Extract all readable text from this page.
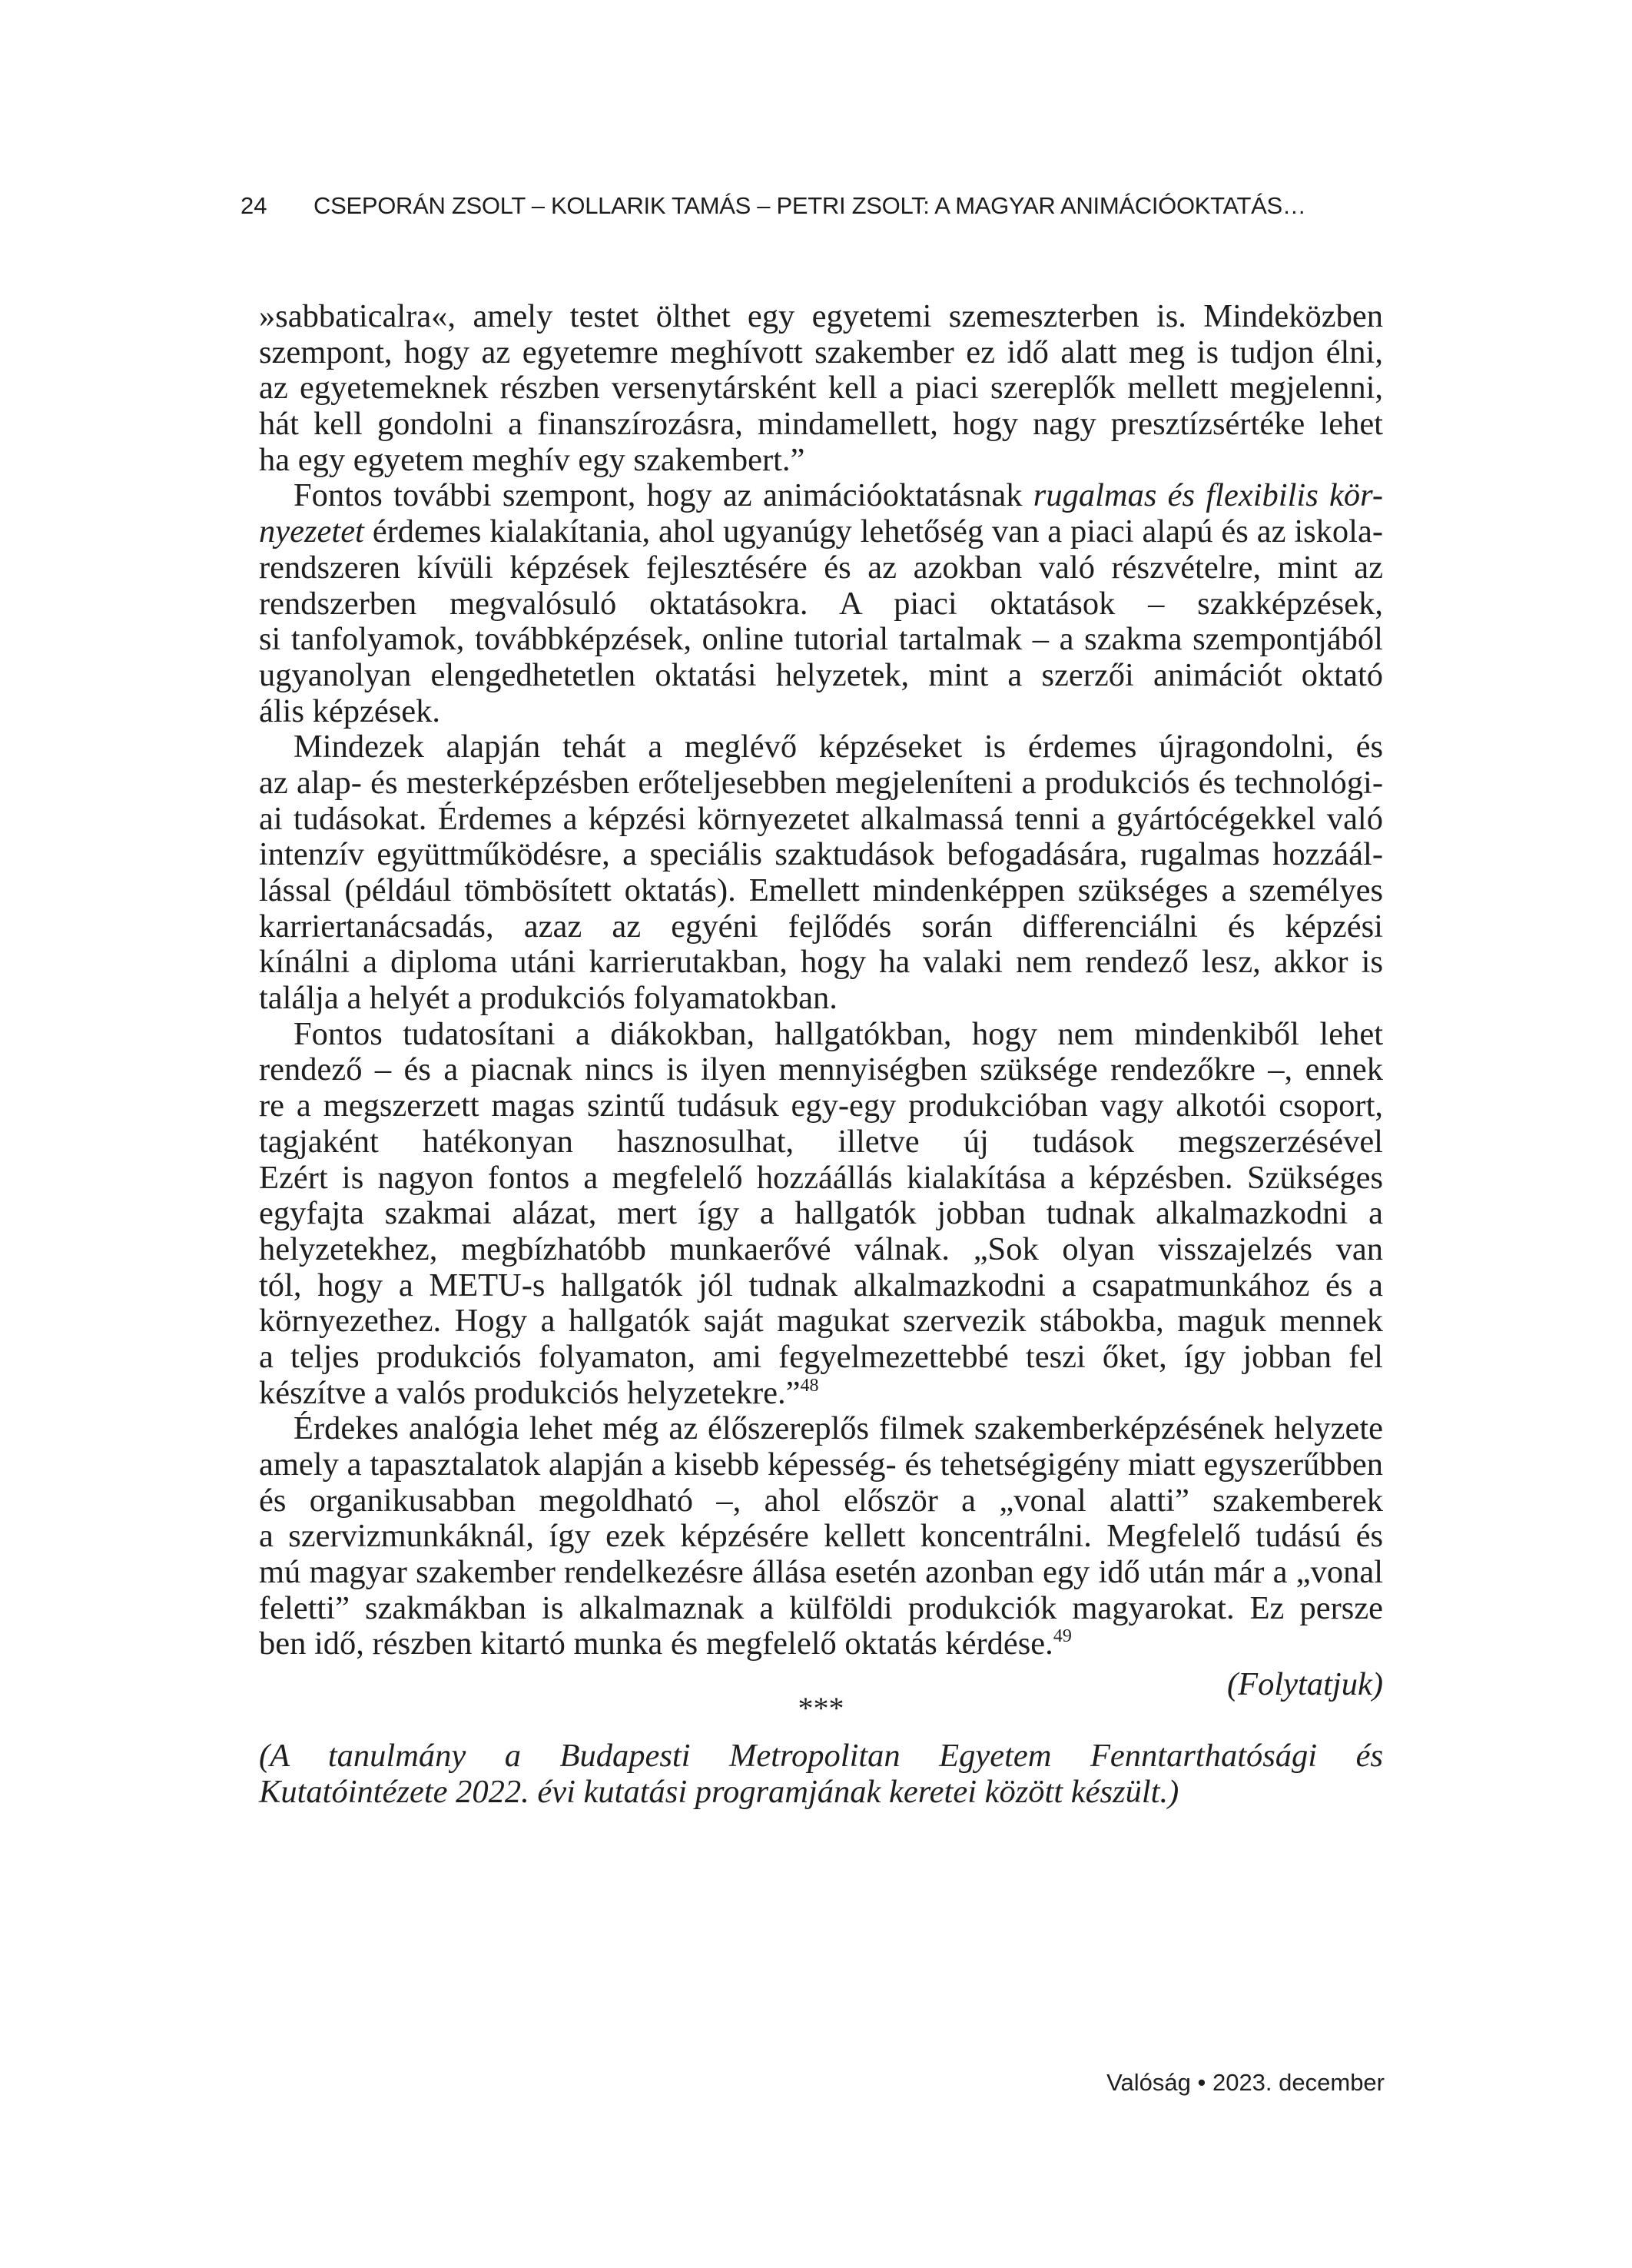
24 CSEPORÁN ZSOLT – KOLLARIK TAMÁS – PETRI ZSOLT: A MAGYAR ANIMÁCIÓOKTATÁS…
»sabbaticalra«, amely testet ölthet egy egyetemi szemeszterben is. Mindeközben
szempont, hogy az egyetemre meghívott szakember ez idő alatt meg is tudjon élni,
az egyetemeknek részben versenytársként kell a piaci szereplők mellett megjelenni,
hát kell gondolni a finanszírozásra, mindamellett, hogy nagy presztízsértéke lehet
ha egy egyetem meghív egy szakembert.”
Fontos további szempont, hogy az animációoktatásnak rugalmas és flexibilis kör-
nyezetet érdemes kialakítania, ahol ugyanúgy lehetőség van a piaci alapú és az iskola-
rendszeren kívüli képzések fejlesztésére és az azokban való részvételre, mint az
rendszerben megvalósuló oktatásokra. A piaci oktatások – szakképzések,
si tanfolyamok, továbbképzések, online tutorial tartalmak – a szakma szempontjából
ugyanolyan elengedhetetlen oktatási helyzetek, mint a szerzői animációt oktató
ális képzések.
Mindezek alapján tehát a meglévő képzéseket is érdemes újragondolni, és
az alap- és mesterképzésben erőteljesebben megjeleníteni a produkciós és technológi-
ai tudásokat. Érdemes a képzési környezetet alkalmassá tenni a gyártócégekkel való
intenzív együttműködésre, a speciális szaktudások befogadására, rugalmas hozzáál-
lással (például tömbösített oktatás). Emellett mindenképpen szükséges a személyes
karriertanácsadás, azaz az egyéni fejlődés során differenciálni és képzési
kínálni a diploma utáni karrierutakban, hogy ha valaki nem rendező lesz, akkor is
találja a helyét a produkciós folyamatokban.
Fontos tudatosítani a diákokban, hallgatókban, hogy nem mindenkiből lehet
rendező – és a piacnak nincs is ilyen mennyiségben szüksége rendezőkre –, ennek
re a megszerzett magas szintű tudásuk egy-egy produkcióban vagy alkotói csoport,
tagjaként hatékonyan hasznosulhat, illetve új tudások megszerzésével
Ezért is nagyon fontos a megfelelő hozzáállás kialakítása a képzésben. Szükséges
egyfajta szakmai alázat, mert így a hallgatók jobban tudnak alkalmazkodni a
helyzetekhez, megbízhatóbb munkaerővé válnak. „Sok olyan visszajelzés van
tól, hogy a METU-s hallgatók jól tudnak alkalmazkodni a csapatmunkához és a
környezethez. Hogy a hallgatók saját magukat szervezik stábokba, maguk mennek
a teljes produkciós folyamaton, ami fegyelmezettebbé teszi őket, így jobban fel
készítve a valós produkciós helyzetekre.”$^{48}$
Érdekes analógia lehet még az élőszereplős filmek szakemberképzésének helyzete
amely a tapasztalatok alapján a kisebb képesség- és tehetségigény miatt egyszerűbben
és organikusabban megoldható –, ahol először a „vonal alatti” szakemberek
a szervizmunkáknál, így ezek képzésére kellett koncentrálni. Megfelelő tudású és
mú magyar szakember rendelkezésre állása esetén azonban egy idő után már a „vonal
feletti” szakmákban is alkalmaznak a külföldi produkciók magyarokat. Ez persze
ben idő, részben kitartó munka és megfelelő oktatás kérdése.$^{49}$
(Folytatjuk)
***
(A tanulmány a Budapesti Metropolitan Egyetem Fenntarthatósági és
Kutatóintézete 2022. évi kutatási programjának keretei között készült.)
Valóság • 2023. december
